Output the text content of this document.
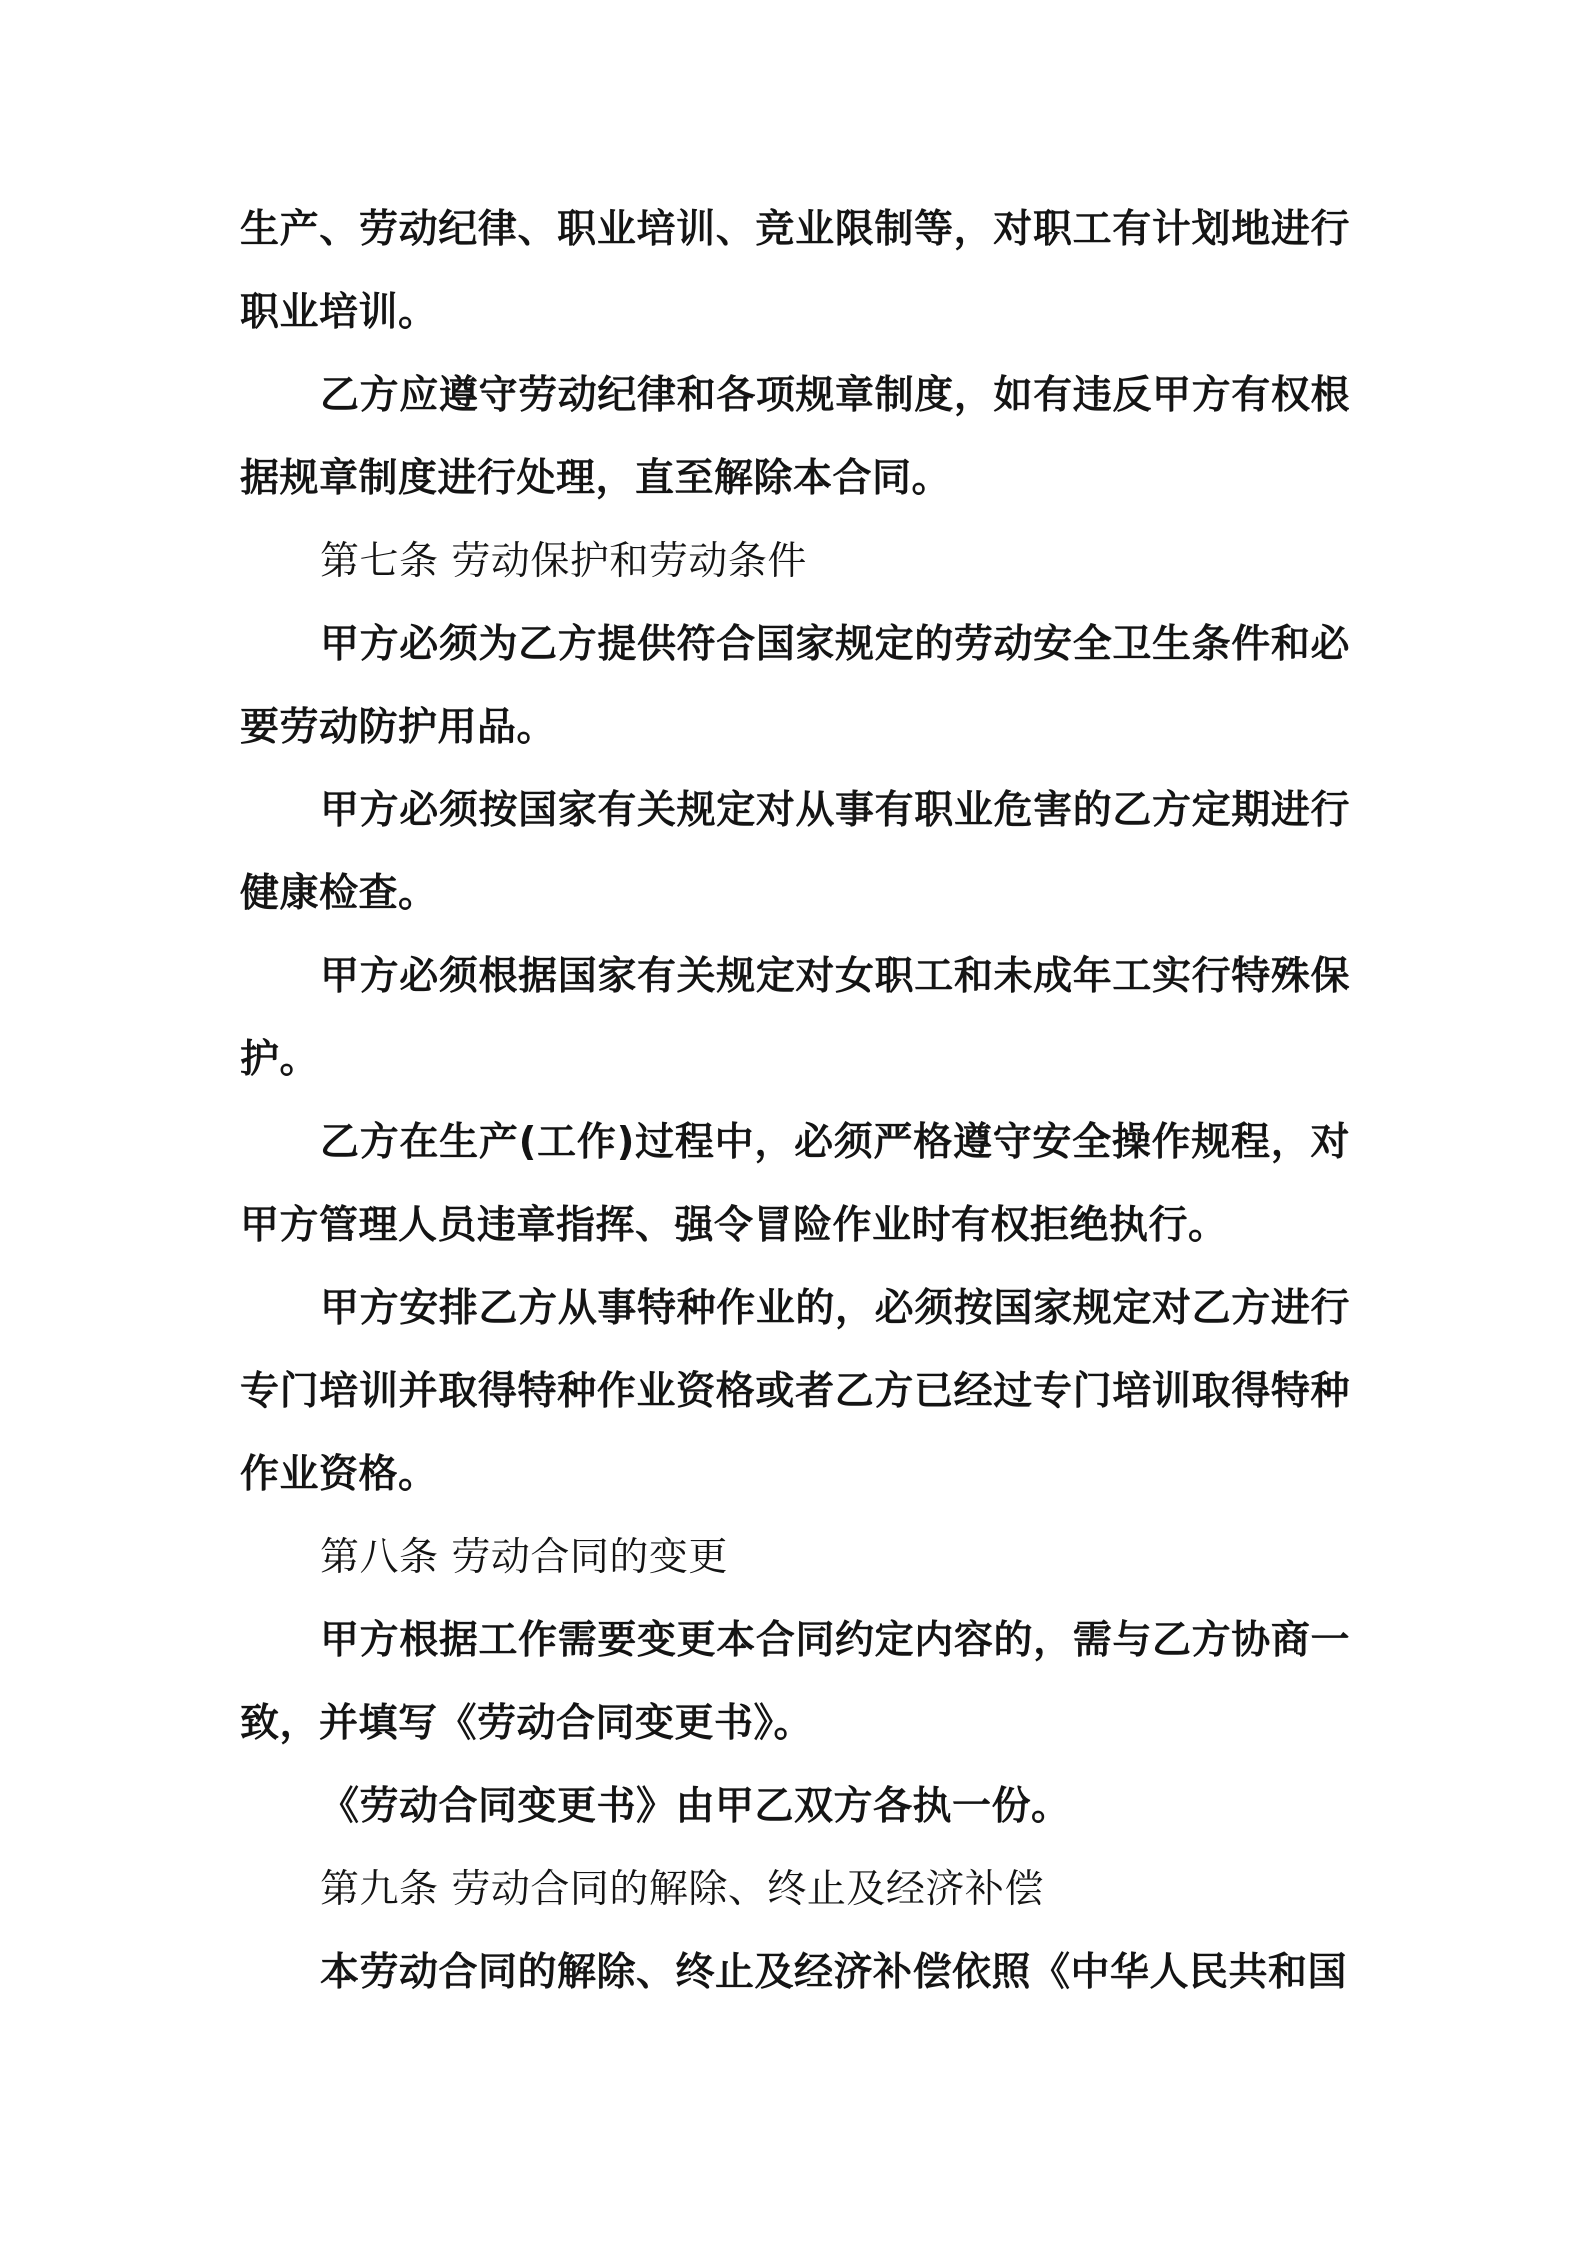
生产、劳动纪律、职业培训、竞业限制等，对职工有计划地进行职业培训。

乙方应遵守劳动纪律和各项规章制度，如有违反甲方有权根据规章制度进行处理，直至解除本合同。

第七条 劳动保护和劳动条件

甲方必须为乙方提供符合国家规定的劳动安全卫生条件和必要劳动防护用品。

甲方必须按国家有关规定对从事有职业危害的乙方定期进行健康检查。

甲方必须根据国家有关规定对女职工和未成年工实行特殊保护。

乙方在生产(工作)过程中，必须严格遵守安全操作规程，对甲方管理人员违章指挥、强令冒险作业时有权拒绝执行。

甲方安排乙方从事特种作业的，必须按国家规定对乙方进行专门培训并取得特种作业资格或者乙方已经过专门培训取得特种作业资格。

第八条 劳动合同的变更

甲方根据工作需要变更本合同约定内容的，需与乙方协商一致，并填写《劳动合同变更书》。

《劳动合同变更书》由甲乙双方各执一份。

第九条 劳动合同的解除、终止及经济补偿

本劳动合同的解除、终止及经济补偿依照《中华人民共和国
